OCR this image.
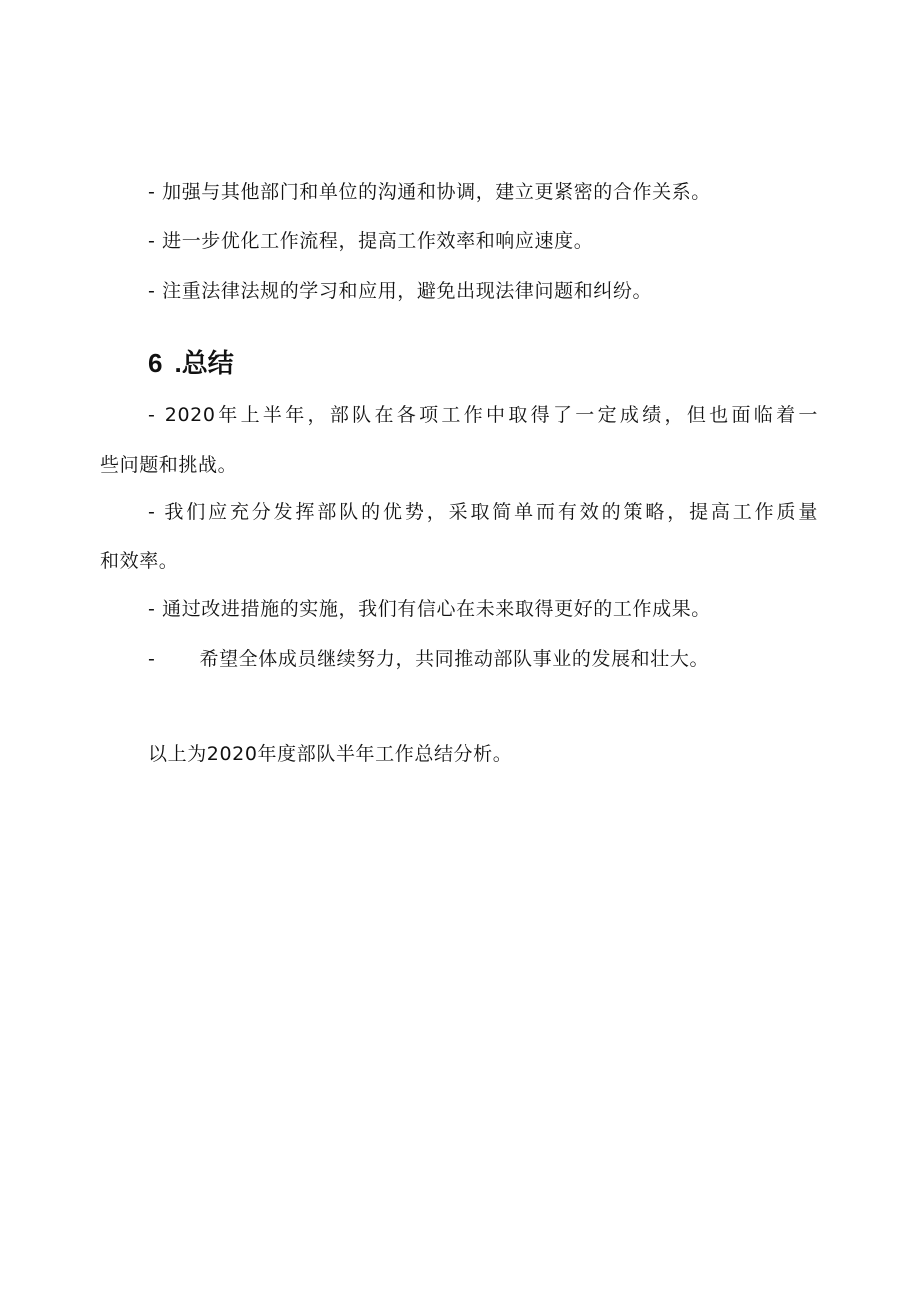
- 加强与其他部门和单位的沟通和协调，建立更紧密的合作关系。
- 进一步优化工作流程，提高工作效率和响应速度。
- 注重法律法规的学习和应用，避免出现法律问题和纠纷。
6 .总结
- 2020年上半年，部队在各项工作中取得了一定成绩，但也面临着一
些问题和挑战。
- 我们应充分发挥部队的优势，采取简单而有效的策略，提高工作质量
和效率。
- 通过改进措施的实施，我们有信心在未来取得更好的工作成果。
- 希望全体成员继续努力，共同推动部队事业的发展和壮大。
以上为2020年度部队半年工作总结分析。
